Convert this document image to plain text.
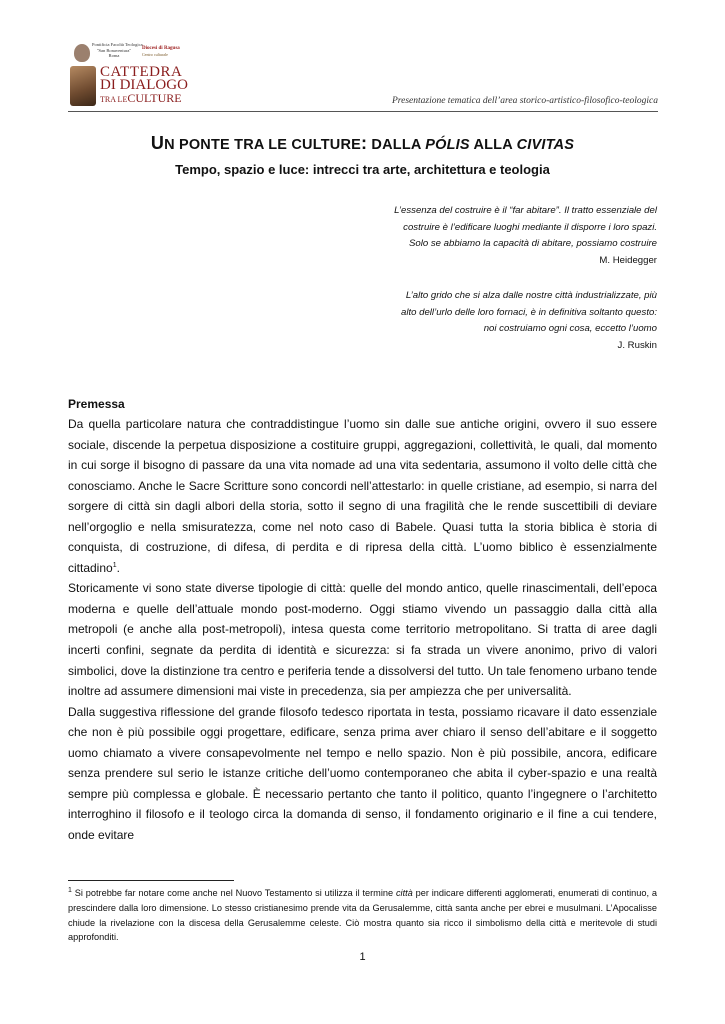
Pontificia Facoltà Teologica
"San Bonaventura"
Roma
Diocesi di Ragusa
Centro culturale
CATTEDRA
DI DIALOGO
TRA LECULTURE	Presentazione tematica dell’area storico-artistico-filosofico-teologica
UN PONTE TRA LE CULTURE: DALLA PÓLIS ALLA CIVITAS
Tempo, spazio e luce: intrecci tra arte, architettura e teologia
L’essenza del costruire è il “far abitare”. Il tratto essenziale del
costruire è l’edificare luoghi mediante il disporre i loro spazi.
Solo se abbiamo la capacità di abitare, possiamo costruire
M. Heidegger
L’alto grido che si alza dalle nostre città industrializzate, più
alto dell’urlo delle loro fornaci, è in definitiva soltanto questo:
noi costruiamo ogni cosa, eccetto l’uomo
J. Ruskin
Premessa

Da quella particolare natura che contraddistingue l’uomo sin dalle sue antiche origini, ovvero il suo essere sociale, discende la perpetua disposizione a costituire gruppi, aggregazioni, collettività, le quali, dal momento in cui sorge il bisogno di passare da una vita nomade ad una vita sedentaria, assumono il volto delle città che conosciamo. Anche le Sacre Scritture sono concordi nell’attestarlo: in quelle cristiane, ad esempio, si narra del sorgere di città sin dagli albori della storia, sotto il segno di una fragilità che le rende suscettibili di deviare nell’orgoglio e nella smisuratezza, come nel noto caso di Babele. Quasi tutta la storia biblica è storia di conquista, di costruzione, di difesa, di perdita e di ripresa della città. L’uomo biblico è essenzialmente cittadino$^1$.

Storicamente vi sono state diverse tipologie di città: quelle del mondo antico, quelle rinascimentali, dell’epoca moderna e quelle dell’attuale mondo post-moderno. Oggi stiamo vivendo un passaggio dalla città alla metropoli (e anche alla post-metropoli), intesa questa come territorio metropolitano. Si tratta di aree dagli incerti confini, segnate da perdita di identità e sicurezza: si fa strada un vivere anonimo, privo di valori simbolici, dove la distinzione tra centro e periferia tende a dissolversi del tutto. Un tale fenomeno urbano tende inoltre ad assumere dimensioni mai viste in precedenza, sia per ampiezza che per universalità.

Dalla suggestiva riflessione del grande filosofo tedesco riportata in testa, possiamo ricavare il dato essenziale che non è più possibile oggi progettare, edificare, senza prima aver chiaro il senso dell’abitare e il soggetto uomo chiamato a vivere consapevolmente nel tempo e nello spazio. Non è più possibile, ancora, edificare senza prendere sul serio le istanze critiche dell’uomo contemporaneo che abita il cyber-spazio e una realtà sempre più complessa e globale. È necessario pertanto che tanto il politico, quanto l’ingegnere o l’architetto interroghino il filosofo e il teologo circa la domanda di senso, il fondamento originario e il fine a cui tendere, onde evitare

$^1$ Si potrebbe far notare come anche nel Nuovo Testamento si utilizza il termine città per indicare differenti agglomerati, enumerati di continuo, a prescindere dalla loro dimensione. Lo stesso cristianesimo prende vita da Gerusalemme, città santa anche per ebrei e musulmani. L’Apocalisse chiude la rivelazione con la discesa della Gerusalemme celeste. Ciò mostra quanto sia ricco il simbolismo della città e meritevole di studi approfonditi.

1
